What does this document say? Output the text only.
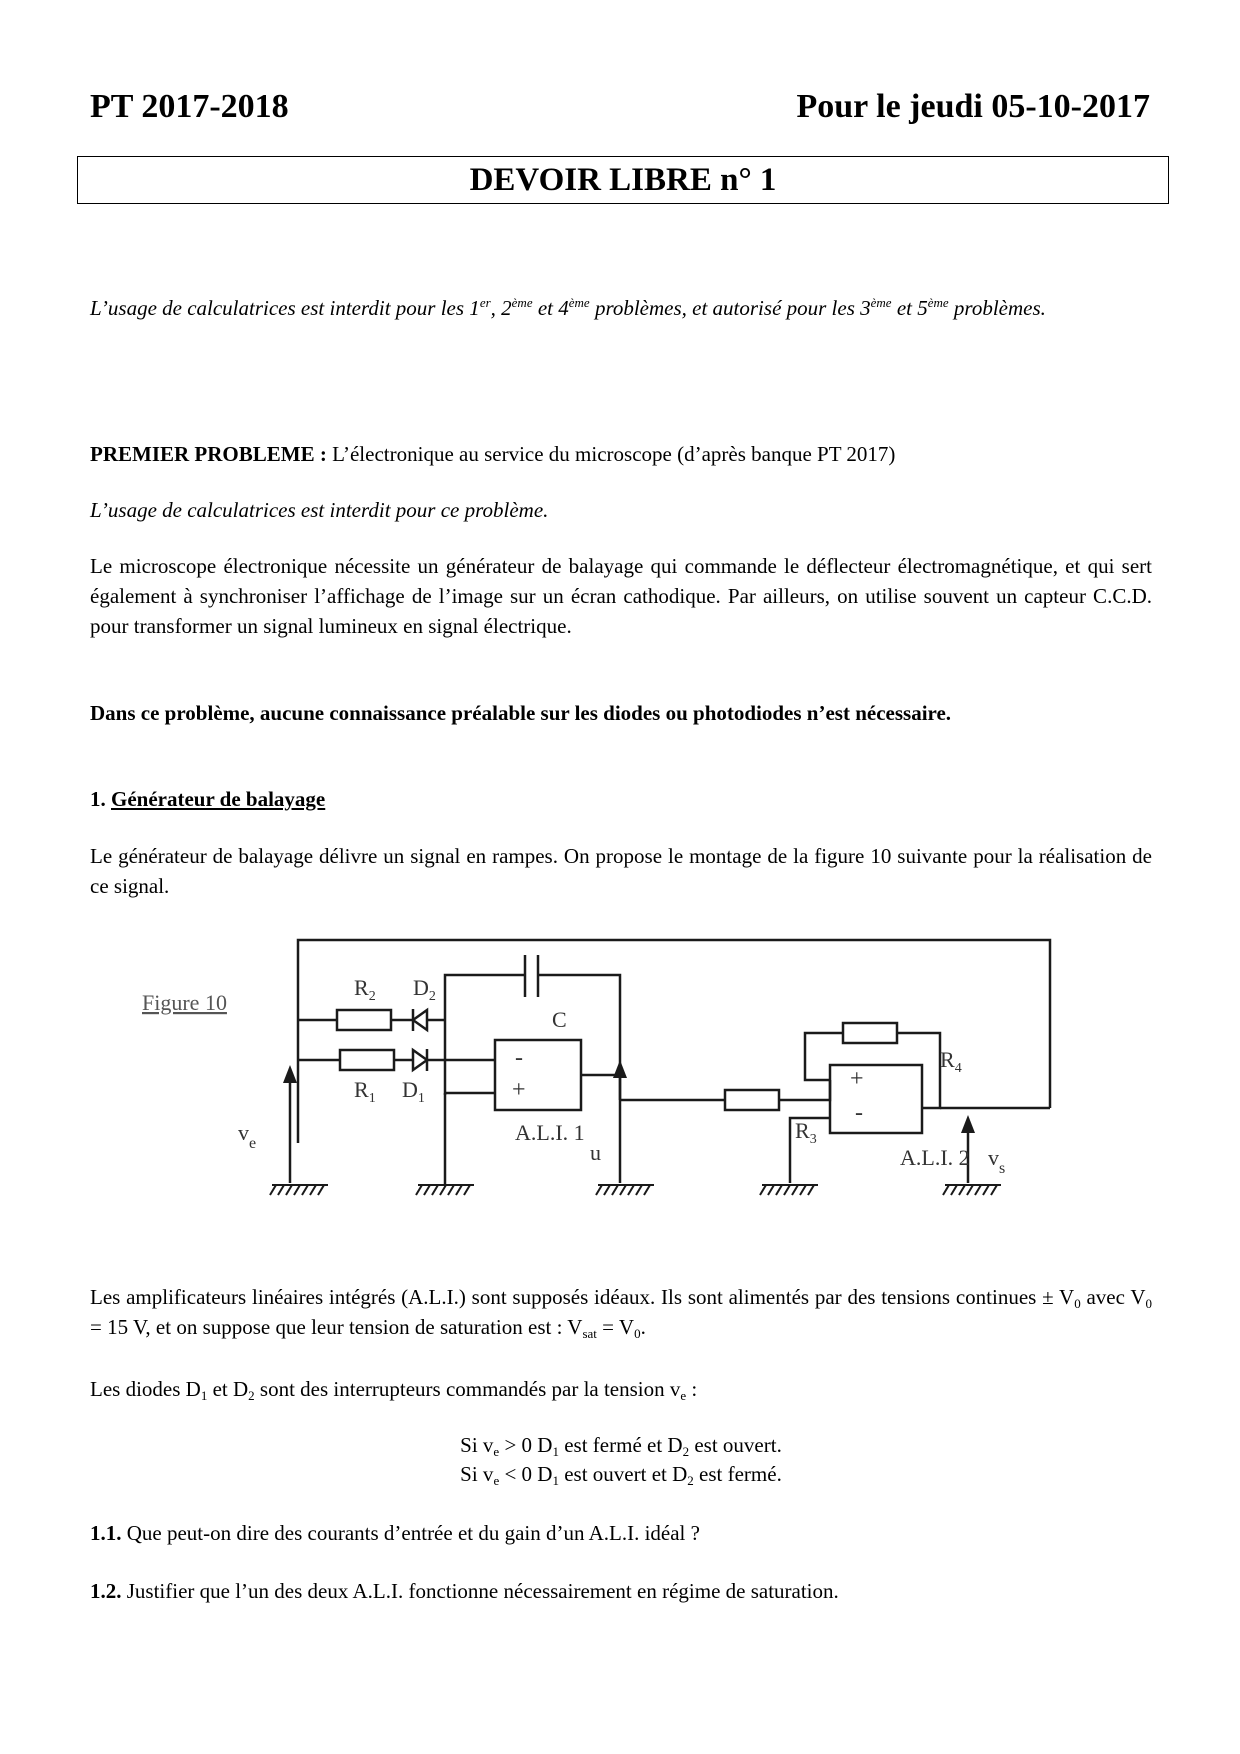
PT 2017-2018	Pour le jeudi 05-10-2017

DEVOIR LIBRE n° 1

L’usage de calculatrices est interdit pour les 1er, 2ème et 4ème problèmes, et autorisé pour les 3ème et 5ème problèmes.

PREMIER PROBLEME : L’électronique au service du microscope (d’après banque PT 2017)

L’usage de calculatrices est interdit pour ce problème.

Le microscope électronique nécessite un générateur de balayage qui commande le déflecteur électromagnétique, et qui sert également à synchroniser l’affichage de l’image sur un écran cathodique. Par ailleurs, on utilise souvent un capteur C.C.D. pour transformer un signal lumineux en signal électrique.

Dans ce problème, aucune connaissance préalable sur les diodes ou photodiodes n’est nécessaire.

1. Générateur de balayage

Le générateur de balayage délivre un signal en rampes. On propose le montage de la figure 10 suivante pour la réalisation de ce signal.

Figure 10
$R_2$ $D_2$
$R_1$ $D_1$
C
-
+
A.L.I. 1
u
$R_3$
$R_4$
+
-
A.L.I. 2
$v_e$
$v_s$

Les amplificateurs linéaires intégrés (A.L.I.) sont supposés idéaux. Ils sont alimentés par des tensions continues ± $V_0$ avec $V_0 = 15$ V, et on suppose que leur tension de saturation est : $V_{sat} = V_0$.

Les diodes $D_1$ et $D_2$ sont des interrupteurs commandés par la tension $v_e$ :

Si $v_e > 0$ $D_1$ est fermé et $D_2$ est ouvert.

Si $v_e < 0$ $D_1$ est ouvert et $D_2$ est fermé.

1.1. Que peut-on dire des courants d’entrée et du gain d’un A.L.I. idéal ?

1.2. Justifier que l’un des deux A.L.I. fonctionne nécessairement en régime de saturation.
